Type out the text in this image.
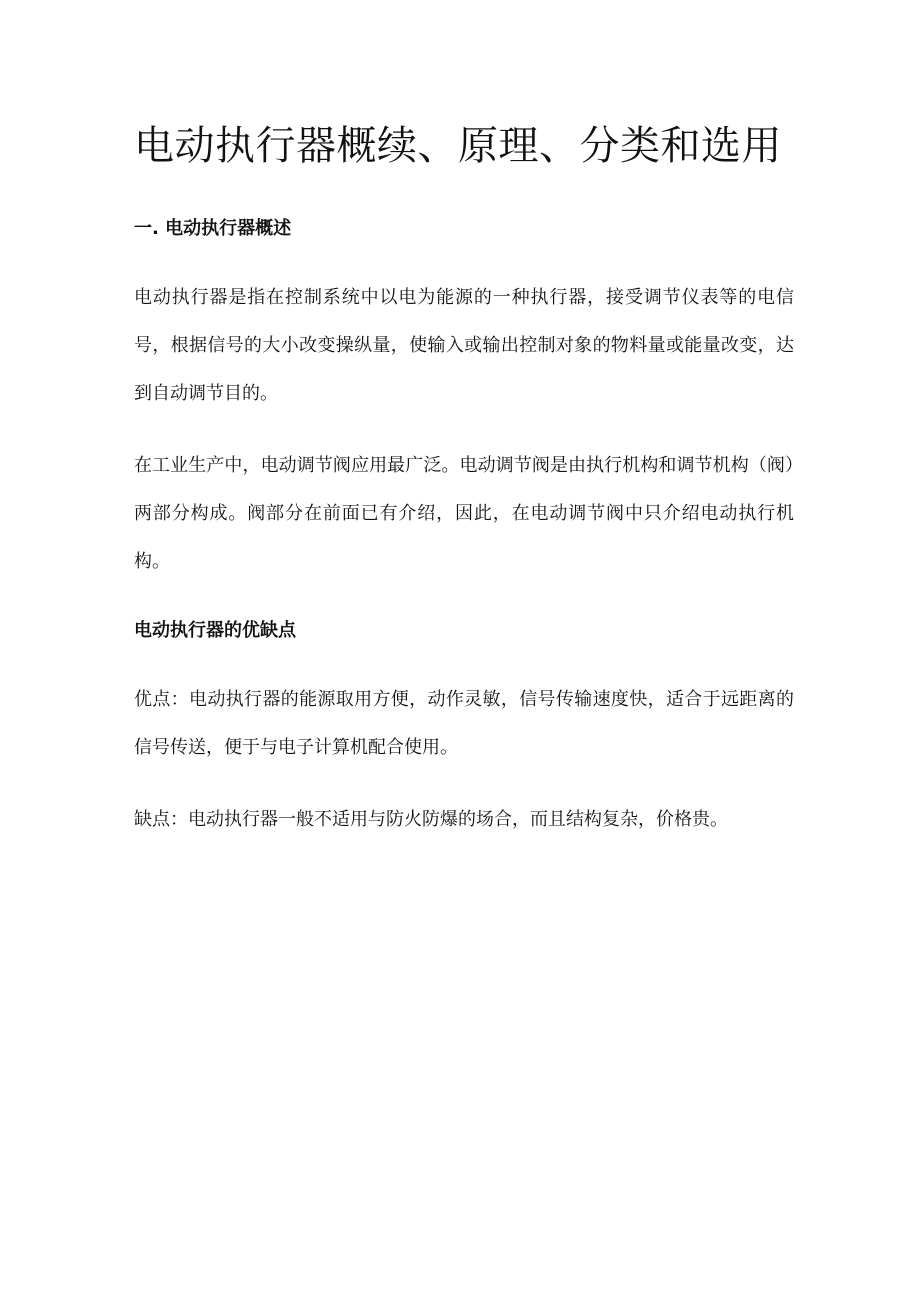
电动执行器概续、原理、分类和选用
一. 电动执行器概述

电动执行器是指在控制系统中以电为能源的一种执行器，接受调节仪表等的电信号，根据信号的大小改变操纵量，使输入或输出控制对象的物料量或能量改变，达到自动调节目的。

在工业生产中，电动调节阀应用最广泛。电动调节阀是由执行机构和调节机构（阀）两部分构成。阀部分在前面已有介绍，因此，在电动调节阀中只介绍电动执行机构。

电动执行器的优缺点

优点：电动执行器的能源取用方便，动作灵敏，信号传输速度快，适合于远距离的信号传送，便于与电子计算机配合使用。

缺点：电动执行器一般不适用与防火防爆的场合，而且结构复杂，价格贵。
